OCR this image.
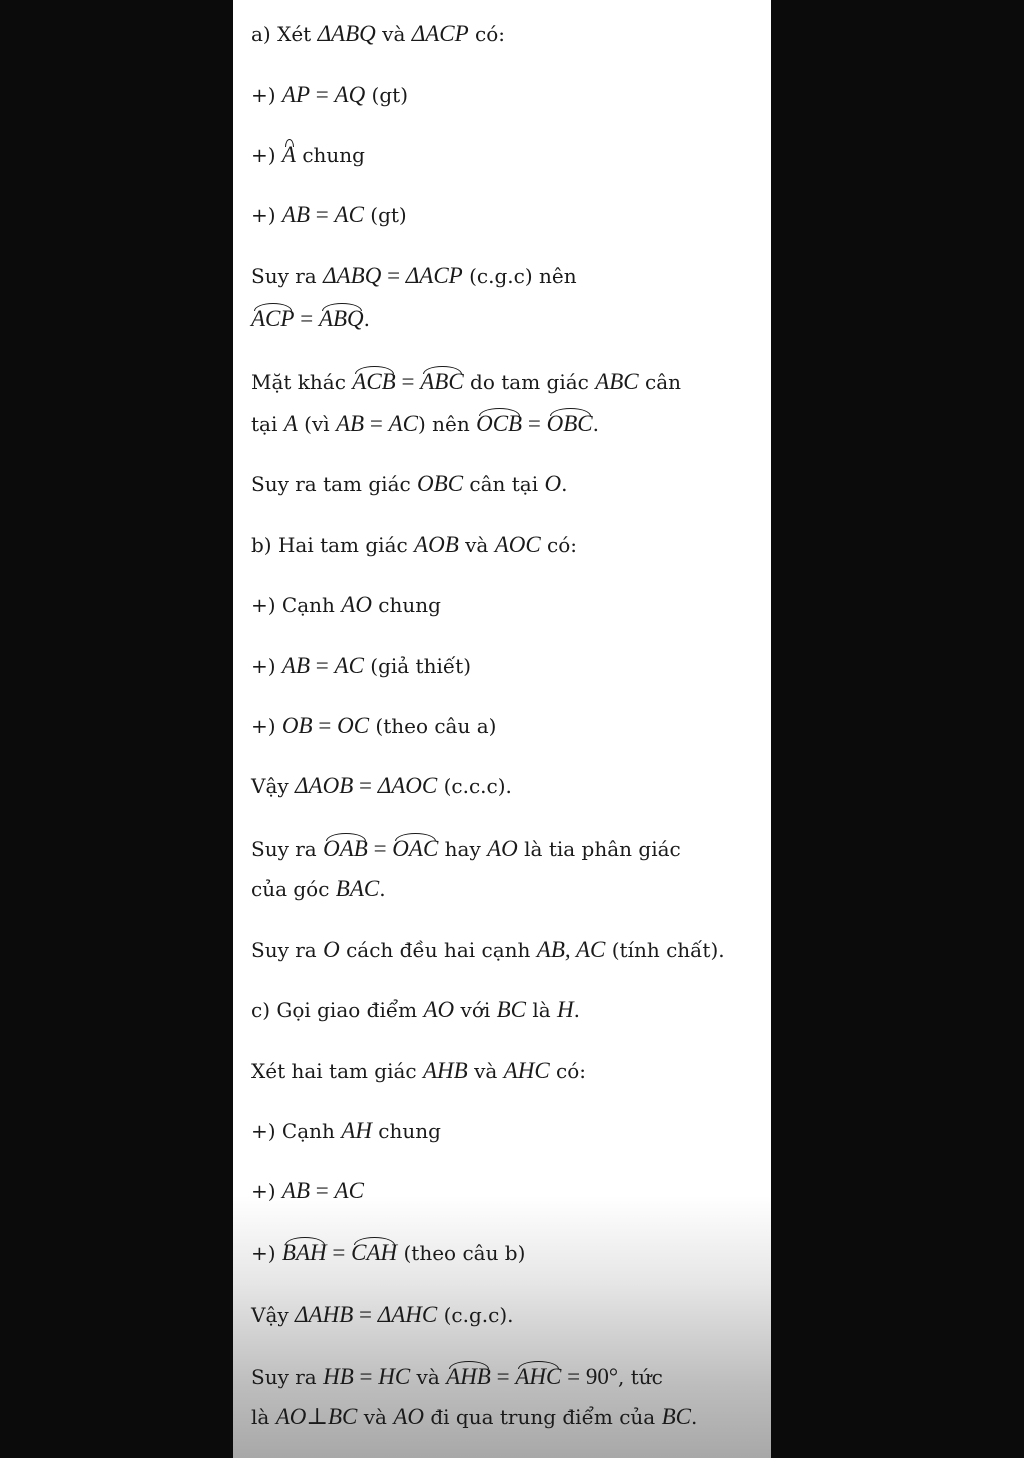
a) Xét ΔABQ và ΔACP có:
+) AP = AQ (gt)
+) A chung
+) AB = AC (gt)
Suy ra ΔABQ = ΔACP (c.g.c) nên
ACP = ABQ.
Mặt khác ACB = ABC do tam giác ABC cân
tại A (vì AB = AC) nên OCB = OBC.
Suy ra tam giác OBC cân tại O.
b) Hai tam giác AOB và AOC có:
+) Cạnh AO chung
+) AB = AC (giả thiết)
+) OB = OC (theo câu a)
Vậy ΔAOB = ΔAOC (c.c.c).
Suy ra OAB = OAC hay AO là tia phân giác
của góc BAC.
Suy ra O cách đều hai cạnh AB, AC (tính chất).
c) Gọi giao điểm AO với BC là H.
Xét hai tam giác AHB và AHC có:
+) Cạnh AH chung
+) AB = AC
+) BAH = CAH (theo câu b)
Vậy ΔAHB = ΔAHC (c.g.c).
Suy ra HB = HC và AHB = AHC = 90°, tức
là AO⊥BC và AO đi qua trung điểm của BC.
